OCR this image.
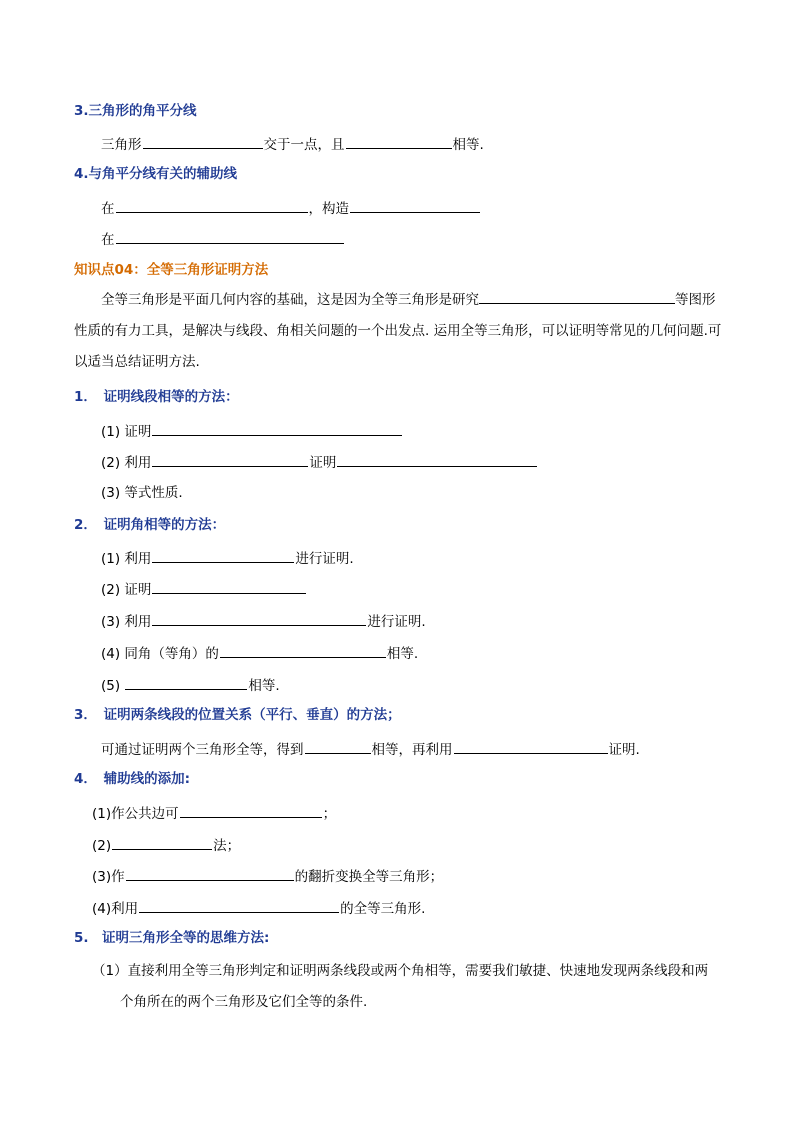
3.三角形的角平分线
三角形	交于一点，且	相等.
4.与角平分线有关的辅助线
在	，构造
在
知识点04：全等三角形证明方法
全等三角形是平面几何内容的基础，这是因为全等三角形是研究	等图形性质的有力工具，是解决与线段、角相关问题的一个出发点. 运用全等三角形，可以证明等常见的几何问题.可以适当总结证明方法.
1．　证明线段相等的方法：
(1) 证明
(2) 利用	证明
(3) 等式性质.
2．　证明角相等的方法：
(1) 利用	进行证明.
(2) 证明
(3) 利用	进行证明.
(4) 同角（等角）的	相等.
(5)	相等.
3．　证明两条线段的位置关系（平行、垂直）的方法；
可通过证明两个三角形全等，得到	相等，再利用	证明.
4．　辅助线的添加:
(1)作公共边可	；
(2)	法；
(3)作	的翻折变换全等三角形；
(4)利用	的全等三角形.
5.　证明三角形全等的思维方法:
（1）直接利用全等三角形判定和证明两条线段或两个角相等，需要我们敏捷、快速地发现两条线段和两
个角所在的两个三角形及它们全等的条件.
